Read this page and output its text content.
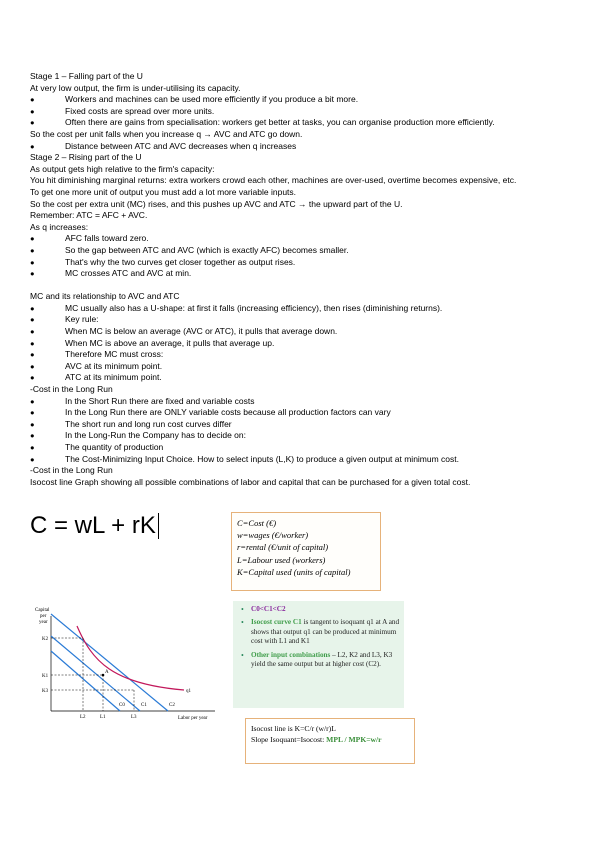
Stage 1 – Falling part of the U
At very low output, the firm is under-utilising its capacity.
● Workers and machines can be used more efficiently if you produce a bit more.
● Fixed costs are spread over more units.
● Often there are gains from specialisation: workers get better at tasks, you can organise production more efficiently.
So the cost per unit falls when you increase q → AVC and ATC go down.
● Distance between ATC and AVC decreases when q increases
Stage 2 – Rising part of the U
As output gets high relative to the firm's capacity:
You hit diminishing marginal returns: extra workers crowd each other, machines are over-used, overtime becomes expensive, etc.
To get one more unit of output you must add a lot more variable inputs.
So the cost per extra unit (MC) rises, and this pushes up AVC and ATC → the upward part of the U.
Remember: ATC = AFC + AVC.
As q increases:
● AFC falls toward zero.
● So the gap between ATC and AVC (which is exactly AFC) becomes smaller.
● That's why the two curves get closer together as output rises.
● MC crosses ATC and AVC at min.
MC and its relationship to AVC and ATC
● MC usually also has a U-shape: at first it falls (increasing efficiency), then rises (diminishing returns).
● Key rule:
● When MC is below an average (AVC or ATC), it pulls that average down.
● When MC is above an average, it pulls that average up.
● Therefore MC must cross:
● AVC at its minimum point.
● ATC at its minimum point.
-Cost in the Long Run
● In the Short Run there are fixed and variable costs
● In the Long Run there are ONLY variable costs because all production factors can vary
● The short run and long run cost curves differ
● In the Long-Run the Company has to decide on:
● The quantity of production
● The Cost-Minimizing Input Choice. How to select inputs (L,K) to produce a given output at minimum cost.
-Cost in the Long Run
Isocost line Graph showing all possible combinations of labor and capital that can be purchased for a given total cost.
C = wL + rK	C=Cost (€)
w=wages (€/worker)
r=rental (€/unit of capital)
L=Labour used (workers)
K=Capital used (units of capital)
Capital
per
year
Labor per year
A
K2
K1
K3
L2	L1	L3
C0	C1	C2
q1
• C0<C1<C2
• Isocost curve C1 is tangent to isoquant q1 at A and shows that output q1 can be produced at minimum cost with L1 and K1
• Other input combinations – L2, K2 and L3, K3 yield the same output but at higher cost (C2).
Isocost line is K=C/r (w/r)L
Slope Isoquant=Isocost: MPL / MPK=w/r
